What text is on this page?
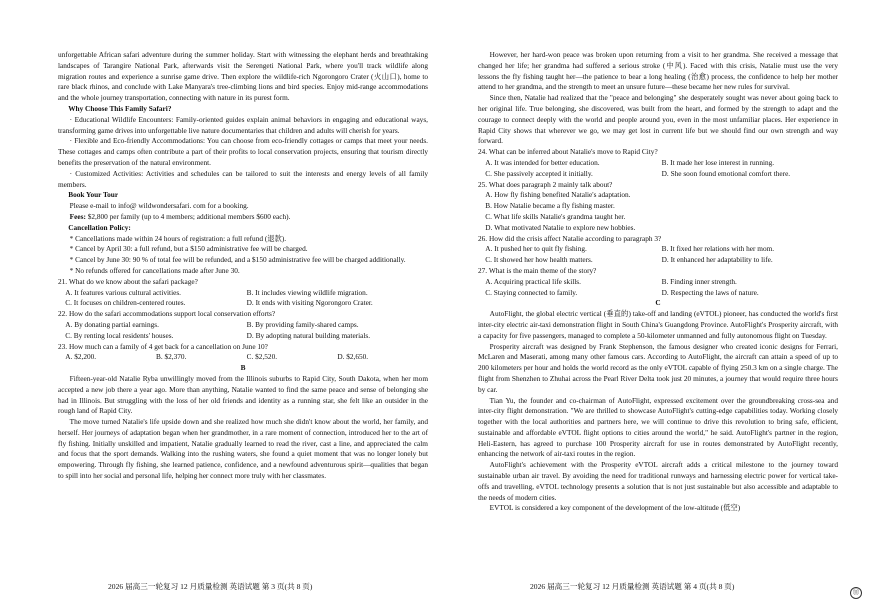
unforgettable African safari adventure during the summer holiday. Start with witnessing the elephant herds and breathtaking landscapes of Tarangire National Park, afterwards visit the Serengeti National Park, where you'll track wildlife along migration routes and experience a sunrise game drive. Then explore the wildlife-rich Ngorongoro Crater (火山口), home to rare black rhinos, and conclude with Lake Manyara's tree-climbing lions and bird species. Enjoy mid-range accommodations and the whole journey transportation, connecting with nature in its purest form.

Why Choose This Family Safari?

· Educational Wildlife Encounters: Family-oriented guides explain animal behaviors in engaging and educational ways, transforming game drives into unforgettable live nature documentaries that children and adults will cherish for years.

· Flexible and Eco-friendly Accommodations: You can choose from eco-friendly cottages or camps that meet your needs. These cottages and camps often contribute a part of their profits to local conservation projects, ensuring that tourism directly benefits the preservation of the natural environment.

· Customized Activities: Activities and schedules can be tailored to suit the interests and energy levels of all family members.

Book Your Tour

Please e-mail to info@ wildwondersafari. com for a booking.

Fees: $2,800 per family (up to 4 members; additional members $600 each).

Cancellation Policy:

* Cancellations made within 24 hours of registration: a full refund (退款).

* Cancel by April 30: a full refund, but a $150 administrative fee will be charged.

* Cancel by June 30: 90 % of total fee will be refunded, and a $150 administrative fee will be charged additionally.

* No refunds offered for cancellations made after June 30.

21. What do we know about the safari package?

A. It features various cultural activities.	B. It includes viewing wildlife migration.
C. It focuses on children-centered routes.	D. It ends with visiting Ngorongoro Crater.

22. How do the safari accommodations support local conservation efforts?

A. By donating partial earnings.	B. By providing family-shared camps.
C. By renting local residents' houses.	D. By adopting natural building materials.

23. How much can a family of 4 get back for a cancellation on June 10?

A. $2,200.	B. $2,370.	C. $2,520.	D. $2,650.

B

Fifteen-year-old Natalie Ryba unwillingly moved from the Illinois suburbs to Rapid City, South Dakota, when her mom accepted a new job there a year ago. More than anything, Natalie wanted to find the same peace and sense of belonging she had in Illinois. But struggling with the loss of her old friends and identity as a running star, she felt like an outsider in the rough land of Rapid City.

The move turned Natalie's life upside down and she realized how much she didn't know about the world, her family, and herself. Her journeys of adaptation began when her grandmother, in a rare moment of connection, introduced her to the art of fly fishing. Initially unskilled and impatient, Natalie gradually learned to read the river, cast a line, and appreciated the calm and focus that the sport demands. Walking into the rushing waters, she found a quiet moment that was no longer lonely but empowering. Through fly fishing, she learned patience, confidence, and a newfound adventurous spirit—qualities that began to spill into her social and personal life, helping her connect more truly with her classmates.

However, her hard-won peace was broken upon returning from a visit to her grandma. She received a message that changed her life; her grandma had suffered a serious stroke (中风). Faced with this crisis, Natalie must use the very lessons the fly fishing taught her—the patience to bear a long healing (治愈) process, the confidence to help her mother attend to her grandma, and the strength to meet an unsure future—these became her new rules for survival.

Since then, Natalie had realized that the "peace and belonging" she desperately sought was never about going back to her original life. True belonging, she discovered, was built from the heart, and formed by the strength to adapt and the courage to connect deeply with the world and people around you, even in the most unfamiliar places. Her experience in Rapid City shows that wherever we go, we may get lost in current life but we should find our own strength and way forward.

24. What can be inferred about Natalie's move to Rapid City?

A. It was intended for better education.	B. It made her lose interest in running.
C. She passively accepted it initially.	D. She soon found emotional comfort there.

25. What does paragraph 2 mainly talk about?

A. How fly fishing benefited Natalie's adaptation.

B. How Natalie became a fly fishing master.

C. What life skills Natalie's grandma taught her.

D. What motivated Natalie to explore new hobbies.

26. How did the crisis affect Natalie according to paragraph 3?

A. It pushed her to quit fly fishing.	B. It fixed her relations with her mom.
C. It showed her how health matters.	D. It enhanced her adaptability to life.

27. What is the main theme of the story?

A. Acquiring practical life skills.	B. Finding inner strength.
C. Staying connected to family.	D. Respecting the laws of nature.

C

AutoFlight, the global electric vertical (垂直的) take-off and landing (eVTOL) pioneer, has conducted the world's first inter-city electric air-taxi demonstration flight in South China's Guangdong Province. AutoFlight's Prosperity aircraft, with a capacity for five passengers, managed to complete a 50-kilometer unmanned and fully autonomous flight on Tuesday.

Prosperity aircraft was designed by Frank Stephenson, the famous designer who created iconic designs for Ferrari, McLaren and Maserati, among many other famous cars. According to AutoFlight, the aircraft can attain a speed of up to 200 kilometers per hour and holds the world record as the only eVTOL capable of flying 250.3 km on a single charge. The flight from Shenzhen to Zhuhai across the Pearl River Delta took just 20 minutes, a journey that would require three hours by car.

Tian Yu, the founder and co-chairman of AutoFlight, expressed excitement over the groundbreaking cross-sea and inter-city flight demonstration. "We are thrilled to showcase AutoFlight's cutting-edge capabilities today. Working closely together with the local authorities and partners here, we will continue to drive this revolution to bring safe, efficient, sustainable and affordable eVTOL flight options to cities around the world," he said. AutoFlight's partner in the region, Heli-Eastern, has agreed to purchase 100 Prosperity aircraft for use in routes demonstrated by AutoFlight recently, enhancing the network of air-taxi routes in the region.

AutoFlight's achievement with the Prosperity eVTOL aircraft adds a critical milestone to the journey toward sustainable urban air travel. By avoiding the need for traditional runways and harnessing electric power for vertical take-offs and travelling, eVTOL technology presents a solution that is not just sustainable but also accessible and adaptable to the needs of modern cities.

EVTOL is considered a key component of the development of the low-altitude (低空)

2026 届高三一轮复习 12 月质量检测 英语试题 第 3 页(共 8 页)	2026 届高三一轮复习 12 月质量检测 英语试题 第 4 页(共 8 页)
⑪
